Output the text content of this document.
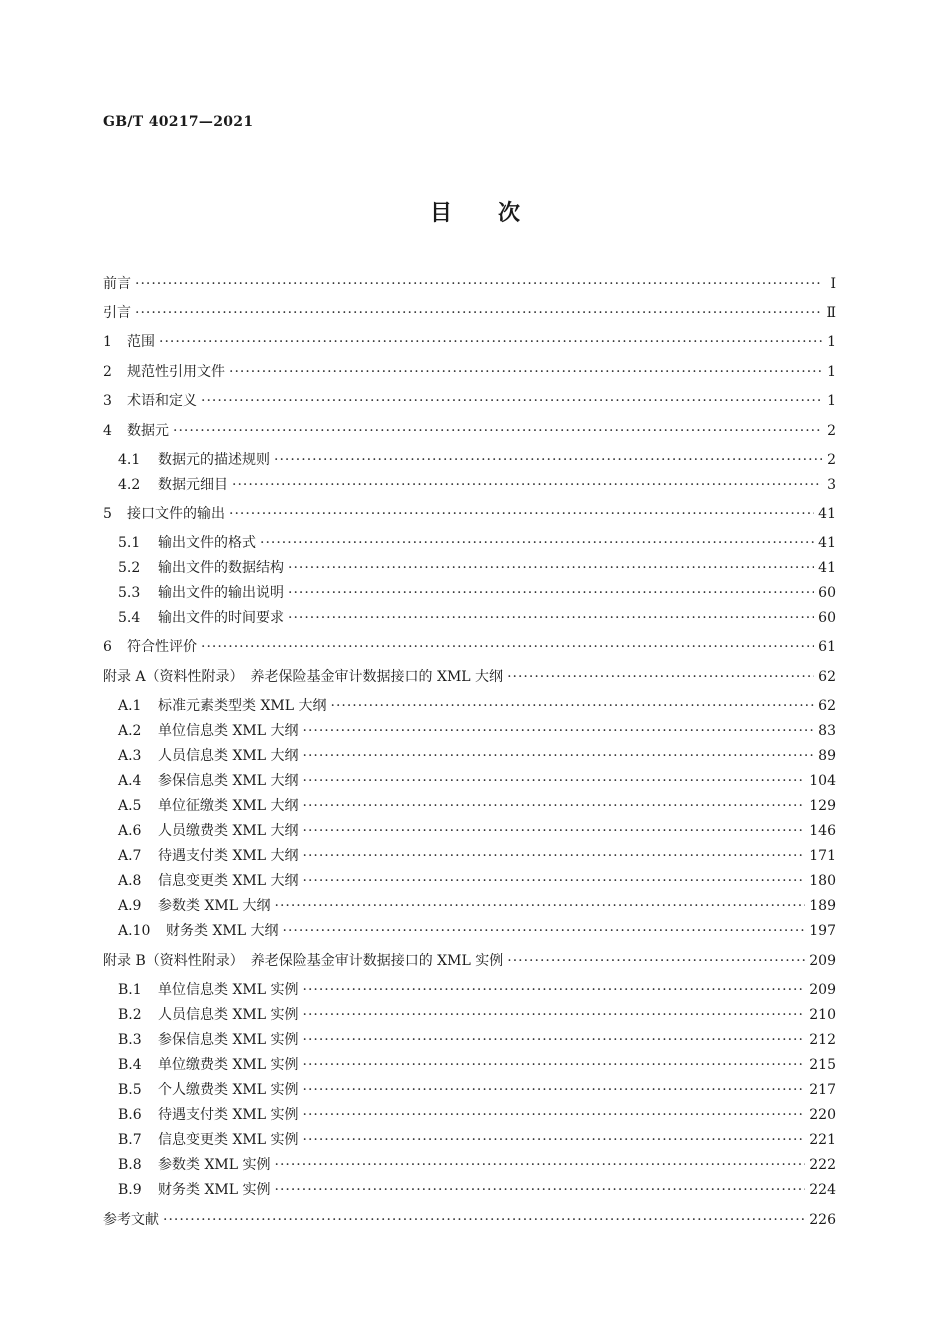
GB/T 40217—2021
目 次
前言 ·····	Ⅰ
引言 ·····	Ⅱ
1	范围 ·····	1
2	规范性引用文件 ·····	1
3	术语和定义 ·····	1
4	数据元 ·····	2
4.1	数据元的描述规则 ·····	2
4.2	数据元细目 ·····	3
5	接口文件的输出 ·····	41
5.1	输出文件的格式 ·····	41
5.2	输出文件的数据结构 ·····	41
5.3	输出文件的输出说明 ·····	60
5.4	输出文件的时间要求 ·····	60
6	符合性评价 ·····	61
附录 A（资料性附录）　养老保险基金审计数据接口的 XML 大纲 ·····	62
A.1	标准元素类型类 XML 大纲 ·····	62
A.2	单位信息类 XML 大纲 ·····	83
A.3	人员信息类 XML 大纲 ·····	89
A.4	参保信息类 XML 大纲 ·····	104
A.5	单位征缴类 XML 大纲 ·····	129
A.6	人员缴费类 XML 大纲 ·····	146
A.7	待遇支付类 XML 大纲 ·····	171
A.8	信息变更类 XML 大纲 ·····	180
A.9	参数类 XML 大纲 ·····	189
A.10	财务类 XML 大纲 ·····	197
附录 B（资料性附录）　养老保险基金审计数据接口的 XML 实例 ·····	209
B.1	单位信息类 XML 实例 ·····	209
B.2	人员信息类 XML 实例 ·····	210
B.3	参保信息类 XML 实例 ·····	212
B.4	单位缴费类 XML 实例 ·····	215
B.5	个人缴费类 XML 实例 ·····	217
B.6	待遇支付类 XML 实例 ·····	220
B.7	信息变更类 XML 实例 ·····	221
B.8	参数类 XML 实例 ·····	222
B.9	财务类 XML 实例 ·····	224
参考文献 ·····	226
